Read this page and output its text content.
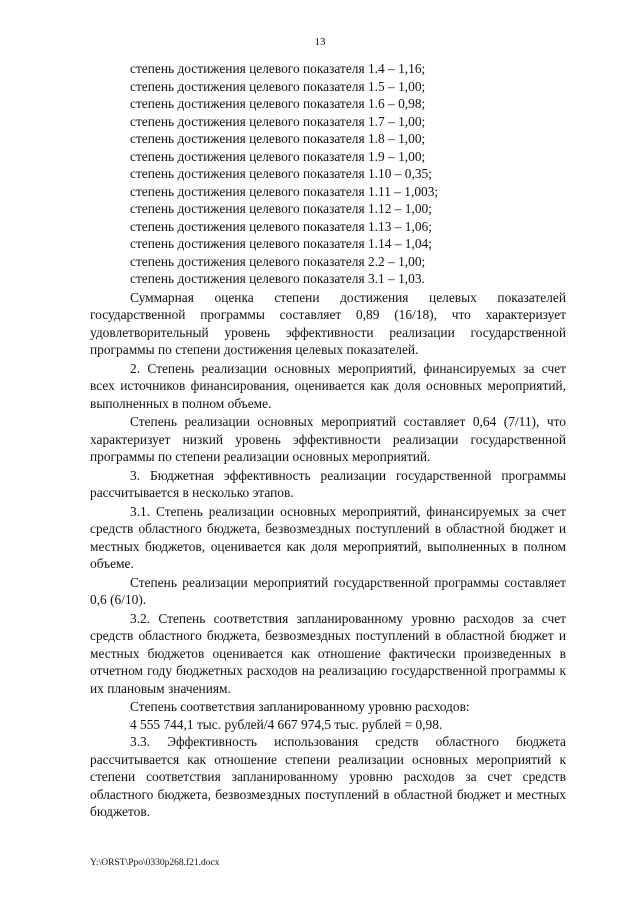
13

степень достижения целевого показателя 1.4 – 1,16;

степень достижения целевого показателя 1.5 – 1,00;

степень достижения целевого показателя 1.6 – 0,98;

степень достижения целевого показателя 1.7 – 1,00;

степень достижения целевого показателя 1.8 – 1,00;

степень достижения целевого показателя 1.9 – 1,00;

степень достижения целевого показателя 1.10 – 0,35;

степень достижения целевого показателя 1.11 – 1,003;

степень достижения целевого показателя 1.12 – 1,00;

степень достижения целевого показателя 1.13 – 1,06;

степень достижения целевого показателя 1.14 – 1,04;

степень достижения целевого показателя 2.2 – 1,00;

степень достижения целевого показателя 3.1 – 1,03.

Суммарная оценка степени достижения целевых показателей государственной программы составляет 0,89 (16/18), что характеризует удовлетворительный уровень эффективности реализации государственной программы по степени достижения целевых показателей.

2. Степень реализации основных мероприятий, финансируемых за счет всех источников финансирования, оценивается как доля основных мероприятий, выполненных в полном объеме.

Степень реализации основных мероприятий составляет 0,64 (7/11), что характеризует низкий уровень эффективности реализации государственной программы по степени реализации основных мероприятий.

3. Бюджетная эффективность реализации государственной программы рассчитывается в несколько этапов.

3.1. Степень реализации основных мероприятий, финансируемых за счет средств областного бюджета, безвозмездных поступлений в областной бюджет и местных бюджетов, оценивается как доля мероприятий, выполненных в полном объеме.

Степень реализации мероприятий государственной программы составляет 0,6 (6/10).

3.2. Степень соответствия запланированному уровню расходов за счет средств областного бюджета, безвозмездных поступлений в областной бюджет и местных бюджетов оценивается как отношение фактически произведенных в отчетном году бюджетных расходов на реализацию государственной программы к их плановым значениям.

Степень соответствия запланированному уровню расходов:

4 555 744,1 тыс. рублей/4 667 974,5 тыс. рублей = 0,98.

3.3. Эффективность использования средств областного бюджета рассчитывается как отношение степени реализации основных мероприятий к степени соответствия запланированному уровню расходов за счет средств областного бюджета, безвозмездных поступлений в областной бюджет и местных бюджетов.

Y:\ORST\Ppo\0330p268.f21.docx
